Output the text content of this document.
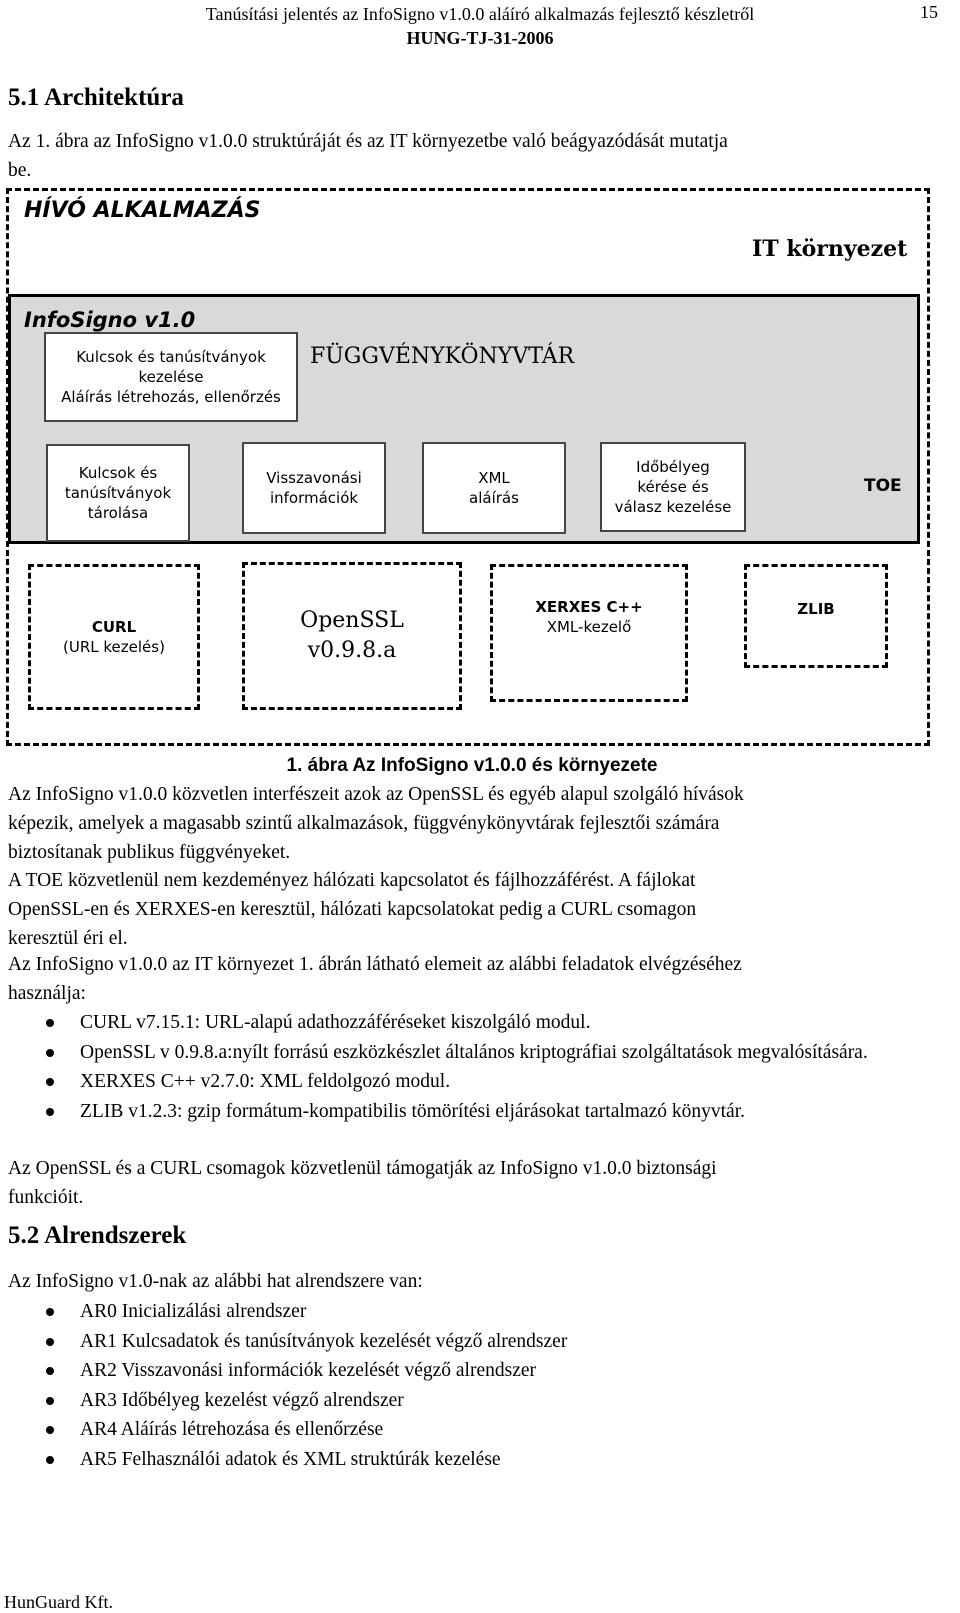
Tanúsítási jelentés az InfoSigno v1.0.0 aláíró alkalmazás fejlesztő készletről
HUNG-TJ-31-2006
15
5.1 Architektúra
Az 1. ábra az InfoSigno v1.0.0 struktúráját és az IT környezetbe való beágyazódását mutatja
be.
HÍVÓ ALKALMAZÁS
IT környezet
InfoSigno v1.0
FÜGGVÉNYKÖNYVTÁR
TOE
Kulcsok és tanúsítványok
kezelése
Aláírás létrehozás, ellenőrzés
Kulcsok és
tanúsítványok
tárolása
Visszavonási
információk
XML
aláírás
Időbélyeg
kérése és
válasz kezelése
CURL
(URL kezelés)
OpenSSL
v0.9.8.a
XERXES C++
XML-kezelő
ZLIB
1. ábra Az InfoSigno v1.0.0 és környezete
Az InfoSigno v1.0.0 közvetlen interfészeit azok az OpenSSL és egyéb alapul szolgáló hívások
képezik, amelyek a magasabb szintű alkalmazások, függvénykönyvtárak fejlesztői számára
biztosítanak publikus függvényeket.
A TOE közvetlenül nem kezdeményez hálózati kapcsolatot és fájlhozzáférést. A fájlokat
OpenSSL-en és XERXES-en keresztül, hálózati kapcsolatokat pedig a CURL csomagon
keresztül éri el.
Az InfoSigno v1.0.0 az IT környezet 1. ábrán látható elemeit az alábbi feladatok elvégzéséhez
használja:
CURL v7.15.1: URL-alapú adathozzáféréseket kiszolgáló modul.
OpenSSL v 0.9.8.a:nyílt forrású eszközkészlet általános kriptográfiai szolgáltatások megvalósítására.
XERXES C++ v2.7.0: XML feldolgozó modul.
ZLIB v1.2.3: gzip formátum-kompatibilis tömörítési eljárásokat tartalmazó könyvtár.
Az OpenSSL és a CURL csomagok közvetlenül támogatják az InfoSigno v1.0.0 biztonsági
funkcióit.
5.2 Alrendszerek
Az InfoSigno v1.0-nak az alábbi hat alrendszere van:
AR0 Inicializálási alrendszer
AR1 Kulcsadatok és tanúsítványok kezelését végző alrendszer
AR2 Visszavonási információk kezelését végző alrendszer
AR3 Időbélyeg kezelést végző alrendszer
AR4 Aláírás létrehozása és ellenőrzése
AR5 Felhasználói adatok és XML struktúrák kezelése
HunGuard Kft.
